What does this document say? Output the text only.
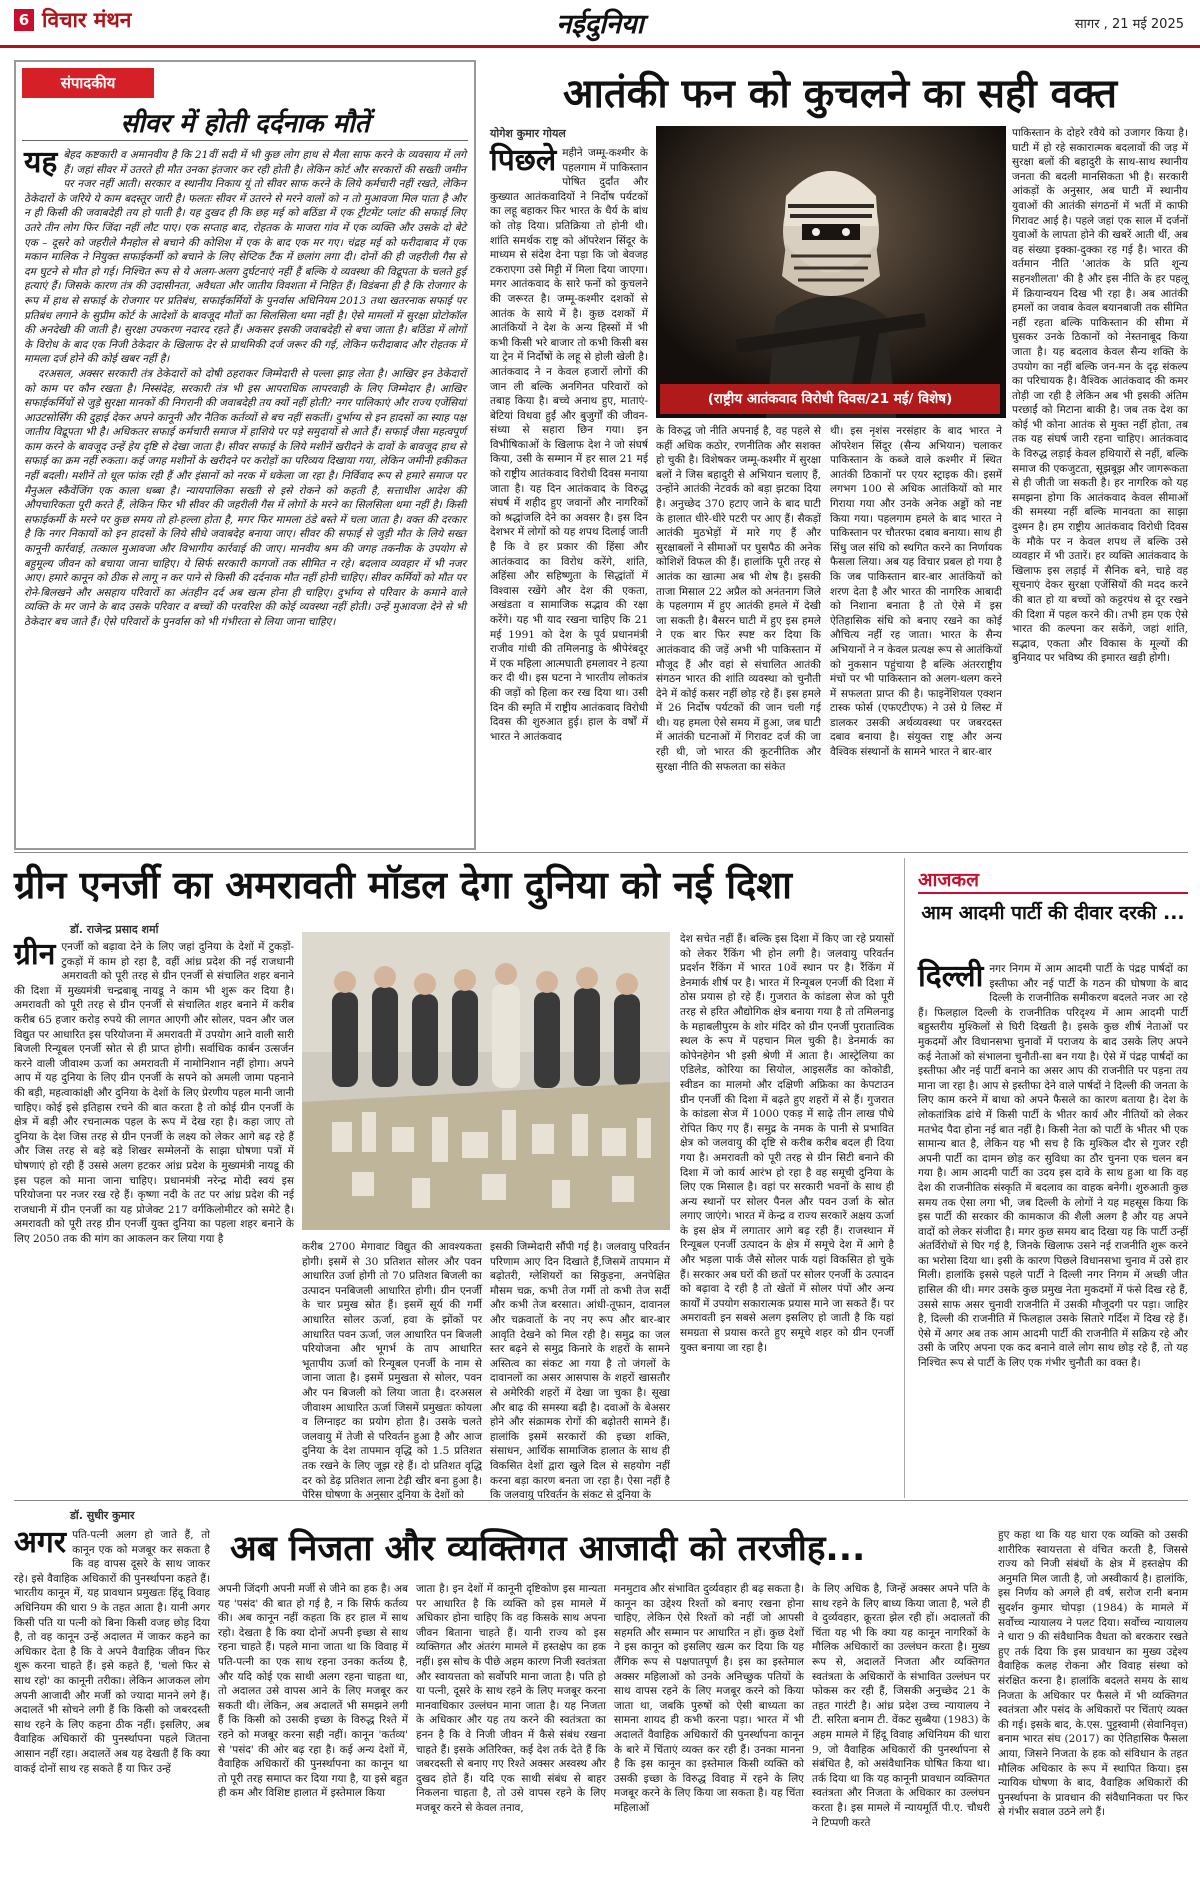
6 विचार मंथन	नईदुनिया	सागर , 21 मई 2025
संपादकीय
सीवर में होती दर्दनाक मौतें
यह बेहद कष्टकारी व अमानवीय है कि 21वीं सदी में भी कुछ लोग हाथ से मैला साफ करने के व्यवसाय में लगे हैं। जहां सीवर में उतरते ही मौत उनका इंतजार कर रही होती है। लेकिन कोर्ट और सरकारों की सख्ती जमीन पर नजर नहीं आती। सरकार व स्थानीय निकाय यूं तो सीवर साफ करने के लिये कर्मचारी नहीं रखते, लेकिन ठेकेदारों के जरिये ये काम बदस्तूर जारी है। फलतः सीवर में उतरने से मरने वालों को न तो मुआवजा मिल पाता है और न ही किसी की जवाबदेही तय हो पाती है। यह दुखद ही कि छह मई को बठिंडा में एक ट्रीटमेंट प्लांट की सफाई लिए उतरे तीन लोग फिर जिंदा नहीं लौट पाए। एक सप्ताह बाद, रोहतक के माजरा गांव में एक व्यक्ति और उसके दो बेटे एक – दूसरे को जहरीले मैनहोल से बचाने की कोशिश में एक के बाद एक मर गए। चंद्रह मई को फरीदाबाद में एक मकान मालिक ने नियुक्त सफाईकर्मी को बचाने के लिए सेप्टिक टैंक में छलांग लगा दी। दोनों की ही जहरीली गैस से दम घुटने से मौत हो गई। निश्चित रूप से ये अलग-अलग दुर्घटनाएं नहीं हैं बल्कि ये व्यवस्था की विद्रूपता के चलते हुई हत्याएं हैं। जिसके कारण तंत्र की उदासीनता, अवैधता और जातीय विवशता में निहित हैं। विडंबना ही है कि रोजगार के रूप में हाथ से सफाई के रोजगार पर प्रतिबंध, सफाईकर्मियों के पुनर्वास अधिनियम 2013 तथा खतरनाक सफाई पर प्रतिबंध लगाने के सुप्रीम कोर्ट के आदेशों के बावजूद मौतों का सिलसिला थमा नहीं है। ऐसे मामलों में सुरक्षा प्रोटोकॉल की अनदेखी की जाती है। सुरक्षा उपकरण नदारद रहते हैं। अकसर इसकी जवाबदेही से बचा जाता है। बठिंडा में लोगों के विरोध के बाद एक निजी ठेकेदार के खिलाफ देर से प्राथमिकी दर्ज जरूर की गई, लेकिन फरीदाबाद और रोहतक में मामला दर्ज होने की कोई खबर नहीं है।
दरअसल, अक्सर सरकारी तंत्र ठेकेदारों को दोषी ठहराकर जिम्मेदारी से पल्ला झाड़ लेता है। आखिर इन ठेकेदारों को काम पर कौन रखता है। निस्संदेह, सरकारी तंत्र भी इस आपराधिक लापरवाही के लिए जिम्मेदार है। आखिर सफाईकर्मियों से जुड़े सुरक्षा मानकों की निगरानी की जवाबदेही तय क्यों नहीं होती? नगर पालिकाएं और राज्य एजेंसियां आउटसोर्सिंग की दुहाई देकर अपने कानूनी और नैतिक कर्तव्यों से बच नहीं सकतीं। दुर्भाग्य से इन हादसों का स्याह पक्ष जातीय विद्रूपता भी है। अधिकतर सफाई कर्मचारी समाज में हाशिये पर पड़े समुदायों से आते हैं। सफाई जैसा महत्वपूर्ण काम करने के बावजूद उन्हें हेय दृष्टि से देखा जाता है। सीवर सफाई के लिये मशीनें खरीदने के दावों के बावजूद हाथ से सफाई का क्रम नहीं रुकता। कई जगह मशीनों के खरीदने पर करोड़ों का परिव्यय दिखाया गया, लेकिन जमीनी हकीकत नहीं बदली। मशीनें तो धूल फांक रही हैं और इंसानों को नरक में धकेला जा रहा है। निर्विवाद रूप से हमारे समाज पर मैनुअल स्कैवेंजिंग एक काला धब्बा है। न्यायपालिका सख्ती से इसे रोकने को कहती है, सत्ताधीश आदेश की औपचारिकता पूरी करते हैं, लेकिन फिर भी सीवर की जहरीली गैस में लोगों के मरने का सिलसिला थमा नहीं है। किसी सफाईकर्मी के मरने पर कुछ समय तो हो-हल्ला होता है, मगर फिर मामला ठंडे बस्ते में चला जाता है। वक्त की दरकार है कि नगर निकायों को इन हादसों के लिये सीधे जवाबदेह बनाया जाए। सीवर की सफाई से जुड़ी मौत के लिये सख्त कानूनी कार्रवाई, तत्काल मुआवजा और विभागीय कार्रवाई की जाए। मानवीय श्रम की जगह तकनीक के उपयोग से बहुमूल्य जीवन को बचाया जाना चाहिए। ये सिर्फ सरकारी कागजों तक सीमित न रहे। बदलाव व्यवहार में भी नजर आए। हमारे कानून को ठीक से लागू न कर पाने से किसी की दर्दनाक मौत नहीं होनी चाहिए। सीवर कर्मियों को मौत पर रोने-बिलखने और असहाय परिवारों का अंतहीन दर्द अब खत्म होना ही चाहिए। दुर्भाग्य से परिवार के कमाने वाले व्यक्ति के मर जाने के बाद उसके परिवार व बच्चों की परवरिश की कोई व्यवस्था नहीं होती। उन्हें मुआवजा देने से भी ठेकेदार बच जाते हैं। ऐसे परिवारों के पुनर्वास को भी गंभीरता से लिया जाना चाहिए।
आतंकी फन को कुचलने का सही वक्त
योगेश कुमार गोयल
पिछले महीने जम्मू-कश्मीर के पहलगाम में पाकिस्तान पोषित दुर्दांत और कुख्यात आतंकवादियों ने निर्दोष पर्यटकों का लहू बहाकर फिर भारत के धैर्य के बांध को तोड़ दिया। प्रतिक्रिया तो होनी थी। शांति समर्थक राष्ट्र को ऑपरेशन सिंदूर के माध्यम से संदेश देना पड़ा कि जो बेवजह टकराएगा उसे मिट्टी में मिला दिया जाएगा। मगर आतंकवाद के सारे फनों को कुचलने की जरूरत है। जम्मू-कश्मीर दशकों से आतंक के साये में है। कुछ दशकों में आतंकियों ने देश के अन्य हिस्सों में भी कभी किसी भरे बाजार तो कभी किसी बस या ट्रेन में निर्दोषों के लहू से होली खेली है। आतंकवाद ने न केवल हजारों लोगों की जान ली बल्कि अनगिनत परिवारों को तबाह किया है। बच्चे अनाथ हुए, माताएं-बेटियां विधवा हुईं और बुजुर्गों की जीवन-संध्या से सहारा छिन गया। इन विभीषिकाओं के खिलाफ देश ने जो संघर्ष किया, उसी के सम्मान में हर साल 21 मई को राष्ट्रीय आतंकवाद विरोधी दिवस मनाया जाता है। यह दिन आतंकवाद के विरुद्ध संघर्ष में शहीद हुए जवानों और नागरिकों को श्रद्धांजलि देने का अवसर है। इस दिन देशभर में लोगों को यह शपथ दिलाई जाती है कि वे हर प्रकार की हिंसा और आतंकवाद का विरोध करेंगे, शांति, अहिंसा और सहिष्णुता के सिद्धांतों में विश्वास रखेंगे और देश की एकता, अखंडता व सामाजिक सद्भाव की रक्षा करेंगे। यह भी याद रखना चाहिए कि 21 मई 1991 को देश के पूर्व प्रधानमंत्री राजीव गांधी की तमिलनाडु के श्रीपेरंबदूर में एक महिला आत्मघाती हमलावर ने हत्या कर दी थी। इस घटना ने भारतीय लोकतंत्र की जड़ों को हिला कर रख दिया था। उसी दिन की स्मृति में राष्ट्रीय आतंकवाद विरोधी दिवस की शुरुआत हुई। हाल के वर्षों में भारत ने आतंकवाद
(राष्ट्रीय आतंकवाद विरोधी दिवस/21 मई/ विशेष)
के विरुद्ध जो नीति अपनाई है, वह पहले से कहीं अधिक कठोर, रणनीतिक और सशक्त हो चुकी है। विशेषकर जम्मू-कश्मीर में सुरक्षा बलों ने जिस बहादुरी से अभियान चलाए हैं, उन्होंने आतंकी नेटवर्क को बड़ा झटका दिया है। अनुच्छेद 370 हटाए जाने के बाद घाटी के हालात धीरे-धीरे पटरी पर आए हैं। सैकड़ों आतंकी मुठभेड़ों में मारे गए हैं और सुरक्षाबलों ने सीमाओं पर घुसपैठ की अनेक कोशिशें विफल की हैं। हालांकि पूरी तरह से आतंक का खात्मा अब भी शेष है। इसकी ताजा मिसाल 22 अप्रैल को अनंतनाग जिले के पहलगाम में हुए आतंकी हमले में देखी जा सकती है। बैसरन घाटी में हुए इस हमले ने एक बार फिर स्पष्ट कर दिया कि आतंकवाद की जड़ें अभी भी पाकिस्तान में मौजूद हैं और वहां से संचालित आतंकी संगठन भारत की शांति व्यवस्था को चुनौती देने में कोई कसर नहीं छोड़ रहे हैं। इस हमले में 26 निर्दोष पर्यटकों की जान चली गई थी। यह हमला ऐसे समय में हुआ, जब घाटी में आतंकी घटनाओं में गिरावट दर्ज की जा रही थी, जो भारत की कूटनीतिक और सुरक्षा नीति की सफलता का संकेत
थी। इस नृशंस नरसंहार के बाद भारत ने ऑपरेशन सिंदूर (सैन्य अभियान) चलाकर पाकिस्तान के कब्जे वाले कश्मीर में स्थित आतंकी ठिकानों पर एयर स्ट्राइक की। इसमें लगभग 100 से अधिक आतंकियों को मार गिराया गया और उनके अनेक अड्डों को नष्ट किया गया। पहलगाम हमले के बाद भारत ने पाकिस्तान पर चौतरफा दबाव बनाया। साथ ही सिंधु जल संधि को स्थगित करने का निर्णायक फैसला लिया। अब यह विचार प्रबल हो गया है कि जब पाकिस्तान बार-बार आतंकियों को शरण देता है और भारत की नागरिक आबादी को निशाना बनाता है तो ऐसे में इस ऐतिहासिक संधि को बनाए रखने का कोई औचित्य नहीं रह जाता। भारत के सैन्य अभियानों ने न केवल प्रत्यक्ष रूप से आतंकियों को नुकसान पहुंचाया है बल्कि अंतरराष्ट्रीय मंचों पर भी पाकिस्तान को अलग-थलग करने में सफलता प्राप्त की है। फाइनेंशियल एक्शन टास्क फोर्स (एफएटीएफ) ने उसे ग्रे लिस्ट में डालकर उसकी अर्थव्यवस्था पर जबरदस्त दबाव बनाया है। संयुक्त राष्ट्र और अन्य वैश्विक संस्थानों के सामने भारत ने बार-बार
पाकिस्तान के दोहरे रवैये को उजागर किया है। घाटी में हो रहे सकारात्मक बदलावों की जड़ में सुरक्षा बलों की बहादुरी के साथ-साथ स्थानीय जनता की बदली मानसिकता भी है। सरकारी आंकड़ों के अनुसार, अब घाटी में स्थानीय युवाओं की आतंकी संगठनों में भर्ती में काफी गिरावट आई है। पहले जहां एक साल में दर्जनों युवाओं के लापता होने की खबरें आती थीं, अब वह संख्या इक्का-दुक्का रह गई है। भारत की वर्तमान नीति 'आतंक के प्रति शून्य सहनशीलता' की है और इस नीति के हर पहलू में क्रियान्वयन दिख भी रहा है। अब आतंकी हमलों का जवाब केवल बयानबाजी तक सीमित नहीं रहता बल्कि पाकिस्तान की सीमा में घुसकर उनके ठिकानों को नेस्तनाबूद किया जाता है। यह बदलाव केवल सैन्य शक्ति के उपयोग का नहीं बल्कि जन-मन के दृढ़ संकल्प का परिचायक है। वैश्विक आतंकवाद की कमर तोड़ी जा रही है लेकिन अब भी इसकी अंतिम परछाईं को मिटाना बाकी है। जब तक देश का कोई भी कोना आतंक से मुक्त नहीं होता, तब तक यह संघर्ष जारी रहना चाहिए। आतंकवाद के विरुद्ध लड़ाई केवल हथियारों से नहीं, बल्कि समाज की एकजुटता, सूझबूझ और जागरूकता से ही जीती जा सकती है। हर नागरिक को यह समझना होगा कि आतंकवाद केवल सीमाओं की समस्या नहीं बल्कि मानवता का साझा दुश्मन है। हम राष्ट्रीय आतंकवाद विरोधी दिवस के मौके पर न केवल शपथ लें बल्कि उसे व्यवहार में भी उतारें। हर व्यक्ति आतंकवाद के खिलाफ इस लड़ाई में सैनिक बने, चाहे वह सूचनाएं देकर सुरक्षा एजेंसियों की मदद करने की बात हो या बच्चों को कट्टरपंथ से दूर रखने की दिशा में पहल करने की। तभी हम एक ऐसे भारत की कल्पना कर सकेंगे, जहां शांति, सद्भाव, एकता और विकास के मूल्यों की बुनियाद पर भविष्य की इमारत खड़ी होगी।
ग्रीन एनर्जी का अमरावती मॉडल देगा दुनिया को नई दिशा
डॉ. राजेन्द्र प्रसाद शर्मा
ग्रीन एनर्जी को बढ़ावा देने के लिए जहां दुनिया के देशों में टुकड़ों-टुकड़ों में काम हो रहा है, वहीं आंध्र प्रदेश की नई राजधानी अमरावती को पूरी तरह से ग्रीन एनर्जी से संचालित शहर बनाने की दिशा में मुख्यमंत्री चन्द्रबाबू नायडू ने काम भी शुरू कर दिया है। अमरावती को पूरी तरह से ग्रीन एनर्जी से संचालित शहर बनाने में करीब करीब 65 हजार करोड़ रुपये की लागत आएगी और सोलर, पवन और जल विद्युत पर आधारित इस परियोजना में अमरावती में उपयोग आने वाली सारी बिजली रिन्यूबल एनर्जी स्रोत से ही प्राप्त होगी। सर्वाधिक कार्बन उत्सर्जन करने वाली जीवाश्म ऊर्जा का अमरावती में नामोनिशान नहीं होगा। अपने आप में यह दुनिया के लिए ग्रीन एनर्जी के सपने को अमली जामा पहनाने की बड़ी, महत्वाकांक्षी और दुनिया के देशों के लिए प्रेरणीय पहल मानी जानी चाहिए। कोई इसे इतिहास रचने की बात करता है तो कोई ग्रीन एनर्जी के क्षेत्र में बड़ी और रचनात्मक पहल के रूप में देख रहा है। कहा जाए तो दुनिया के देश जिस तरह से ग्रीन एनर्जी के लक्ष्य को लेकर आगे बढ़ रहे हैं और जिस तरह से बड़े बड़े शिखर सम्मेलनों के साझा घोषणा पत्रों में घोषणाएं हो रही हैं उससे अलग हटकर आंध्र प्रदेश के मुख्यमंत्री नायडू की इस पहल को माना जाना चाहिए। प्रधानमंत्री नरेन्द्र मोदी स्वयं इस परियोजना पर नजर रख रहे हैं। कृष्णा नदी के तट पर आंध्र प्रदेश की नई राजधानी में ग्रीन एनर्जी का यह प्रोजेक्ट 217 वर्गकिलोमीटर को समेटे है। अमरावती को पूरी तरह ग्रीन एनर्जी युक्त दुनिया का पहला शहर बनाने के लिए 2050 तक की मांग का आकलन कर लिया गया है
करीब 2700 मेगावाट विद्युत की आवश्यकता होगी। इसमें से 30 प्रतिशत सोलर और पवन आधारित उर्जा होगी तो 70 प्रतिशत बिजली का उत्पादन पनबिजली आधारित होगी। ग्रीन एनर्जी के चार प्रमुख स्रोत हैं। इसमें सूर्य की गर्मी आधारित सोलर ऊर्जा, हवा के झोंकों पर आधारित पवन ऊर्जा, जल आधारित पन बिजली परियोजना और भूगर्भ के ताप आधारित भूतापीय ऊर्जा को रिन्यूबल एनर्जी के नाम से जाना जाता है। इसमें प्रमुखता से सोलर, पवन और पन बिजली को लिया जाता है। दरअसल जीवाश्म आधारित ऊर्जा जिसमें प्रमुखतः कोयला व लिग्नाइट का प्रयोग होता है। उसके चलते जलवायु में तेजी से परिवर्तन हुआ है और आज दुनिया के देश तापमान वृद्धि को 1.5 प्रतिशत तक रखने के लिए जूझ रहे हैं। दो प्रतिशत वृद्धि दर को डेढ़ प्रतिशत लाना टेढ़ी खीर बना हुआ है। पेरिस घोषणा के अनुसार दुनिया के देशों को
इसकी जिम्मेदारी सौंपी गई है। जलवायु परिवर्तन परिणाम आए दिन दिखाते हैं,जिसमें तापमान में बढ़ोतरी, ग्लेशियरों का सिकुड़ना, अनपेक्षित मौसम चक्र, कभी तेज गर्मी तो कभी तेज सर्दी और कभी तेज बरसात। आंधी-तूफान, दावानल और चक्रवातों के नए नए रूप और बार-बार आवृति देखने को मिल रही है। समुद्र का जल स्तर बढ़ने से समुद्र किनारे के शहरों के सामने अस्तित्व का संकट आ गया है तो जंगलों के दावानलों का असर आसपास के शहरों खासतौर से अमेरिकी शहरों में देखा जा चुका है। सूखा और बाढ़ की समस्या बढ़ी है। दवाओं के बेअसर होने और संक्रामक रोगों की बढ़ोतरी सामने हैं। हालांकि इसमें सरकारों की इच्छा शक्ति, संसाधन, आर्थिक सामाजिक हालात के साथ ही विकसित देशों द्वारा खुले दिल से सहयोग नहीं करना बड़ा कारण बनता जा रहा है। ऐसा नहीं है कि जलवायु परिवर्तन के संकट से दुनिया के
देश सचेत नहीं हैं। बल्कि इस दिशा में किए जा रहे प्रयासों को लेकर रैंकिंग भी होन लगी है। जलवायु परिवर्तन प्रदर्शन रैंकिंग में भारत 10वें स्थान पर है। रैंकिंग में डेनमार्क शीर्ष पर है। भारत में रिन्यूबल एनर्जी की दिशा में ठोस प्रयास हो रहे हैं। गुजरात के कांडला सेज को पूरी तरह से हरित औद्योगिक क्षेत्र बनाया गया है तो तमिलनाडु के महाबलीपुरम के शोर मंदिर को ग्रीन एनर्जी पुरातात्विक स्थल के रूप में पहचान मिल चुकी है। डेनमार्क का कोपेनहेगेन भी इसी श्रेणी में आता है। आस्ट्रेलिया का एडिलेड, कोरिया का सियोल, आइसलैंड का कोकोडी, स्वीडन का मालमो और दक्षिणी अफ्रिका का केपटाउन ग्रीन एनर्जी की दिशा में बढ़ते हुए शहरों में से हैं। गुजरात के कांडला सेज में 1000 एकड़ में साढ़े तीन लाख पौधे रोपित किए गए हैं। समुद्र के नमक के पानी से प्रभावित क्षेत्र को जलवायु की दृष्टि से करीब करीब बदल ही दिया गया है। अमरावती को पूरी तरह से ग्रीन सिटी बनाने की दिशा में जो कार्य आरंभ हो रहा है वह समूची दुनिया के लिए एक मिसाल है। वहां पर सरकारी भवनों के साथ ही अन्य स्थानों पर सोलर पैनल और पवन उर्जा के स्रोत लगाए जाएंगे। भारत में केन्द्र व राज्य सरकारें अक्षय ऊर्जा के इस क्षेत्र में लगातार आगे बढ़ रही हैं। राजस्थान में रिन्यूबल एनर्जी उत्पादन के क्षेत्र में समूचे देश में आगे है और भड़ला पार्क जैसे सोलर पार्क यहां विकसित हो चुके हैं। सरकार अब घरों की छतों पर सोलर एनर्जी के उत्पादन को बढ़ावा दे रही है तो खेतों में सोलर पंपों और अन्य कार्यों में उपयोग सकारात्मक प्रयास माने जा सकते हैं। पर अमरावती इन सबसे अलग इसलिए हो जाती है कि यहां समग्रता से प्रयास करते हुए समूचे शहर को ग्रीन एनर्जी युक्त बनाया जा रहा है।
आजकल
आम आदमी पार्टी की दीवार दरकी ...
दिल्ली नगर निगम में आम आदमी पार्टी के पंद्रह पार्षदों का इस्तीफा और नई पार्टी के गठन की घोषणा के बाद दिल्ली के राजनीतिक समीकरण बदलते नजर आ रहे हैं। फिलहाल दिल्ली के राजनीतिक परिदृश्य में आम आदमी पार्टी बहुस्तरीय मुश्किलों से घिरी दिखती है। इसके कुछ शीर्ष नेताओं पर मुकदमों और विधानसभा चुनावों में पराजय के बाद उसके लिए अपने कई नेताओं को संभालना चुनौती-सा बन गया है। ऐसे में पंद्रह पार्षदों का इस्तीफा और नई पार्टी बनाने का असर आप की राजनीति पर पड़ना तय माना जा रहा है। आप से इस्तीफा देने वाले पार्षदों ने दिल्ली की जनता के लिए काम करने में बाधा को अपने फैसले का कारण बताया है। देश के लोकतांत्रिक ढांचे में किसी पार्टी के भीतर कार्य और नीतियों को लेकर मतभेद पैदा होना नई बात नहीं है। किसी नेता को पार्टी के भीतर भी एक सामान्य बात है, लेकिन यह भी सच है कि मुश्किल दौर से गुजर रही अपनी पार्टी का दामन छोड़ कर सुविधा का ठौर चुनना एक चलन बन गया है। आम आदमी पार्टी का उदय इस दावे के साथ हुआ था कि वह देश की राजनीतिक संस्कृति में बदलाव का वाहक बनेगी। शुरुआती कुछ समय तक ऐसा लगा भी, जब दिल्ली के लोगों ने यह महसूस किया कि इस पार्टी की सरकार की कामकाज की शैली अलग है और यह अपने वादों को लेकर संजीदा है। मगर कुछ समय बाद दिखा यह कि पार्टी उन्हीं अंतर्विरोधों से घिर गई है, जिनके खिलाफ उसने नई राजनीति शुरू करने का भरोसा दिया था। इसी के कारण पिछले विधानसभा चुनाव में उसे हार मिली। हालांकि इससे पहले पार्टी ने दिल्ली नगर निगम में अच्छी जीत हासिल की थी। मगर उसके कुछ प्रमुख नेता मुकदमों में फंसे दिख रहे हैं, उससे साफ असर चुनावी राजनीति में उसकी मौजूदगी पर पड़ा। जाहिर है, दिल्ली की राजनीति में फिलहाल उसके सितारे गर्दिश में दिख रहे हैं। ऐसे में अगर अब तक आम आदमी पार्टी की राजनीति में सक्रिय रहे और उसी के जरिए अपना एक कद बनाने वाले लोग साथ छोड़ रहे हैं, तो यह निश्चित रूप से पार्टी के लिए एक गंभीर चुनौती का वक्त है।
डॉ. सुधीर कुमार
अब निजता और व्यक्तिगत आजादी को तरजीह...
अगर पति-पत्नी अलग हो जाते हैं, तो कानून एक को मजबूर कर सकता है कि वह वापस दूसरे के साथ जाकर रहे। इसे वैवाहिक अधिकारों की पुनर्स्थापना कहते हैं। भारतीय कानून में, यह प्रावधान प्रमुखतः हिंदू विवाह अधिनियम की धारा 9 के तहत आता है। यानी अगर किसी पति या पत्नी को बिना किसी वजह छोड़ दिया है, तो वह कानून उन्हें अदालत में जाकर कहने का अधिकार देता है कि वे अपने वैवाहिक जीवन फिर शुरू करना चाहते हैं। इसे कहते हैं, 'चलो फिर से साथ रहो' का कानूनी तरीका। लेकिन आजकल लोग अपनी आजादी और मर्जी को ज्यादा मानने लगे हैं। अदालतें भी सोचने लगी हैं कि किसी को जबरदस्ती साथ रहने के लिए कहना ठीक नहीं। इसलिए, अब वैवाहिक अधिकारों की पुनर्स्थापना पहले जितना आसान नहीं रहा। अदालतें अब यह देखती हैं कि क्या वाकई दोनों साथ रह सकते हैं या फिर उन्हें
अपनी जिंदगी अपनी मर्जी से जीने का हक है। अब यह 'पसंद' की बात हो गई है, न कि सिर्फ कर्तव्य की। अब कानून नहीं कहता कि हर हाल में साथ रहो। देखता है कि क्या दोनों अपनी इच्छा से साथ रहना चाहते हैं। पहले माना जाता था कि विवाह में पति-पत्नी का एक साथ रहना उनका कर्तव्य है, और यदि कोई एक साथी अलग रहना चाहता था, तो अदालत उसे वापस आने के लिए मजबूर कर सकती थी। लेकिन, अब अदालतें भी समझने लगी हैं कि किसी को उसकी इच्छा के विरुद्ध रिश्ते में रहने को मजबूर करना सही नहीं। कानून 'कर्तव्य' से 'पसंद' की ओर बढ़ रहा है। कई अन्य देशों में, वैवाहिक अधिकारों की पुनर्स्थापना का कानून था तो पूरी तरह समाप्त कर दिया गया है, या इसे बहुत ही कम और विशिष्ट हालात में इस्तेमाल किया
जाता है। इन देशों में कानूनी दृष्टिकोण इस मान्यता पर आधारित है कि व्यक्ति को इस मामले में अधिकार होना चाहिए कि वह किसके साथ अपना जीवन बिताना चाहते हैं। यानी राज्य को इस व्यक्तिगत और अंतरंग मामले में हस्तक्षेप का हक नहीं। इस सोच के पीछे अहम कारण निजी स्वतंत्रता और स्वायत्तता को सर्वोपरि माना जाता है। पति हो या पत्नी, दूसरे के साथ रहने के लिए मजबूर करना मानवाधिकार उल्लंघन माना जाता है। यह निजता के अधिकार और यह तय करने की स्वतंत्रता का हनन है कि वे निजी जीवन में कैसे संबंध रखना चाहते हैं। इसके अतिरिक्त, कई देश तर्क देते हैं कि जबरदस्ती से बनाए गए रिश्ते अक्सर अस्वस्थ और दुखद होते हैं। यदि एक साथी संबंध से बाहर निकलना चाहता है, तो उसे वापस रहने के लिए मजबूर करने से केवल तनाव,
मनमुटाव और संभावित दुर्व्यवहार ही बढ़ सकता है। कानून का उद्देश्य रिश्तों को बनाए रखना होना चाहिए, लेकिन ऐसे रिश्तों को नहीं जो आपसी सहमति और सम्मान पर आधारित न हों। कुछ देशों ने इस कानून को इसलिए खत्म कर दिया कि यह लैंगिक रूप से पक्षपातपूर्ण है। इस का इस्तेमाल अक्सर महिलाओं को उनके अनिच्छुक पतियों के साथ वापस रहने के लिए मजबूर करने को किया जाता था, जबकि पुरुषों को ऐसी बाध्यता का सामना शायद ही कभी करना पड़ा। भारत में भी अदालतें वैवाहिक अधिकारों की पुनर्स्थापना कानून के बारे में चिंताएं व्यक्त कर रही हैं। उनका मानना है कि इस कानून का इस्तेमाल किसी व्यक्ति को उसकी इच्छा के विरुद्ध विवाह में रहने के लिए मजबूर करने के लिए किया जा सकता है। यह चिंता महिलाओं
के लिए अधिक है, जिन्हें अक्सर अपने पति के साथ रहने के लिए बाध्य किया जाता है, भले ही वे दुर्व्यवहार, क्रूरता झेल रही हों। अदालतों की चिंता यह भी कि क्या यह कानून नागरिकों के मौलिक अधिकारों का उल्लंघन करता है। मुख्य रूप से, अदालतें निजता और व्यक्तिगत स्वतंत्रता के अधिकारों के संभावित उल्लंघन पर फोकस कर रही हैं, जिसकी अनुच्छेद 21 के तहत गारंटी है। आंध्र प्रदेश उच्च न्यायालय ने टी. सरिता बनाम टी. वेंकट सुब्बैया (1983) के अहम मामले में हिंदू विवाह अधिनियम की धारा 9, जो वैवाहिक अधिकारों की पुनर्स्थापना से संबंधित है, को असंवैधानिक घोषित किया था। तर्क दिया था कि यह कानूनी प्रावधान व्यक्तिगत स्वतंत्रता और निजता के अधिकार का उल्लंघन करता है। इस मामले में न्यायमूर्ति पी.ए. चौधरी ने टिप्पणी करते
हुए कहा था कि यह धारा एक व्यक्ति को उसकी शारीरिक स्वायत्तता से वंचित करती है, जिससे राज्य को निजी संबंधों के क्षेत्र में हस्तक्षेप की अनुमति मिल जाती है, जो अस्वीकार्य है। हालांकि, इस निर्णय को अगले ही वर्ष, सरोज रानी बनाम सुदर्शन कुमार चोपड़ा (1984) के मामले में सर्वोच्च न्यायालय ने पलट दिया। सर्वोच्च न्यायालय ने धारा 9 की संवैधानिक वैधता को बरकरार रखते हुए तर्क दिया कि इस प्रावधान का मुख्य उद्देश्य वैवाहिक कलह रोकना और विवाह संस्था को संरक्षित करना है। हालांकि बदलते समय के साथ निजता के अधिकार पर फैसले में भी व्यक्तिगत स्वतंत्रता और पसंद के अधिकारों पर चिंताएं व्यक्त की गई। इसके बाद, के.एस. पुट्टस्वामी (सेवानिवृत्त) बनाम भारत संघ (2017) का ऐतिहासिक फैसला आया, जिसने निजता के हक को संविधान के तहत मौलिक अधिकार के रूप में स्थापित किया। इस न्यायिक घोषणा के बाद, वैवाहिक अधिकारों की पुनर्स्थापना के प्रावधान की संवैधानिकता पर फिर से गंभीर सवाल उठने लगे हैं।
